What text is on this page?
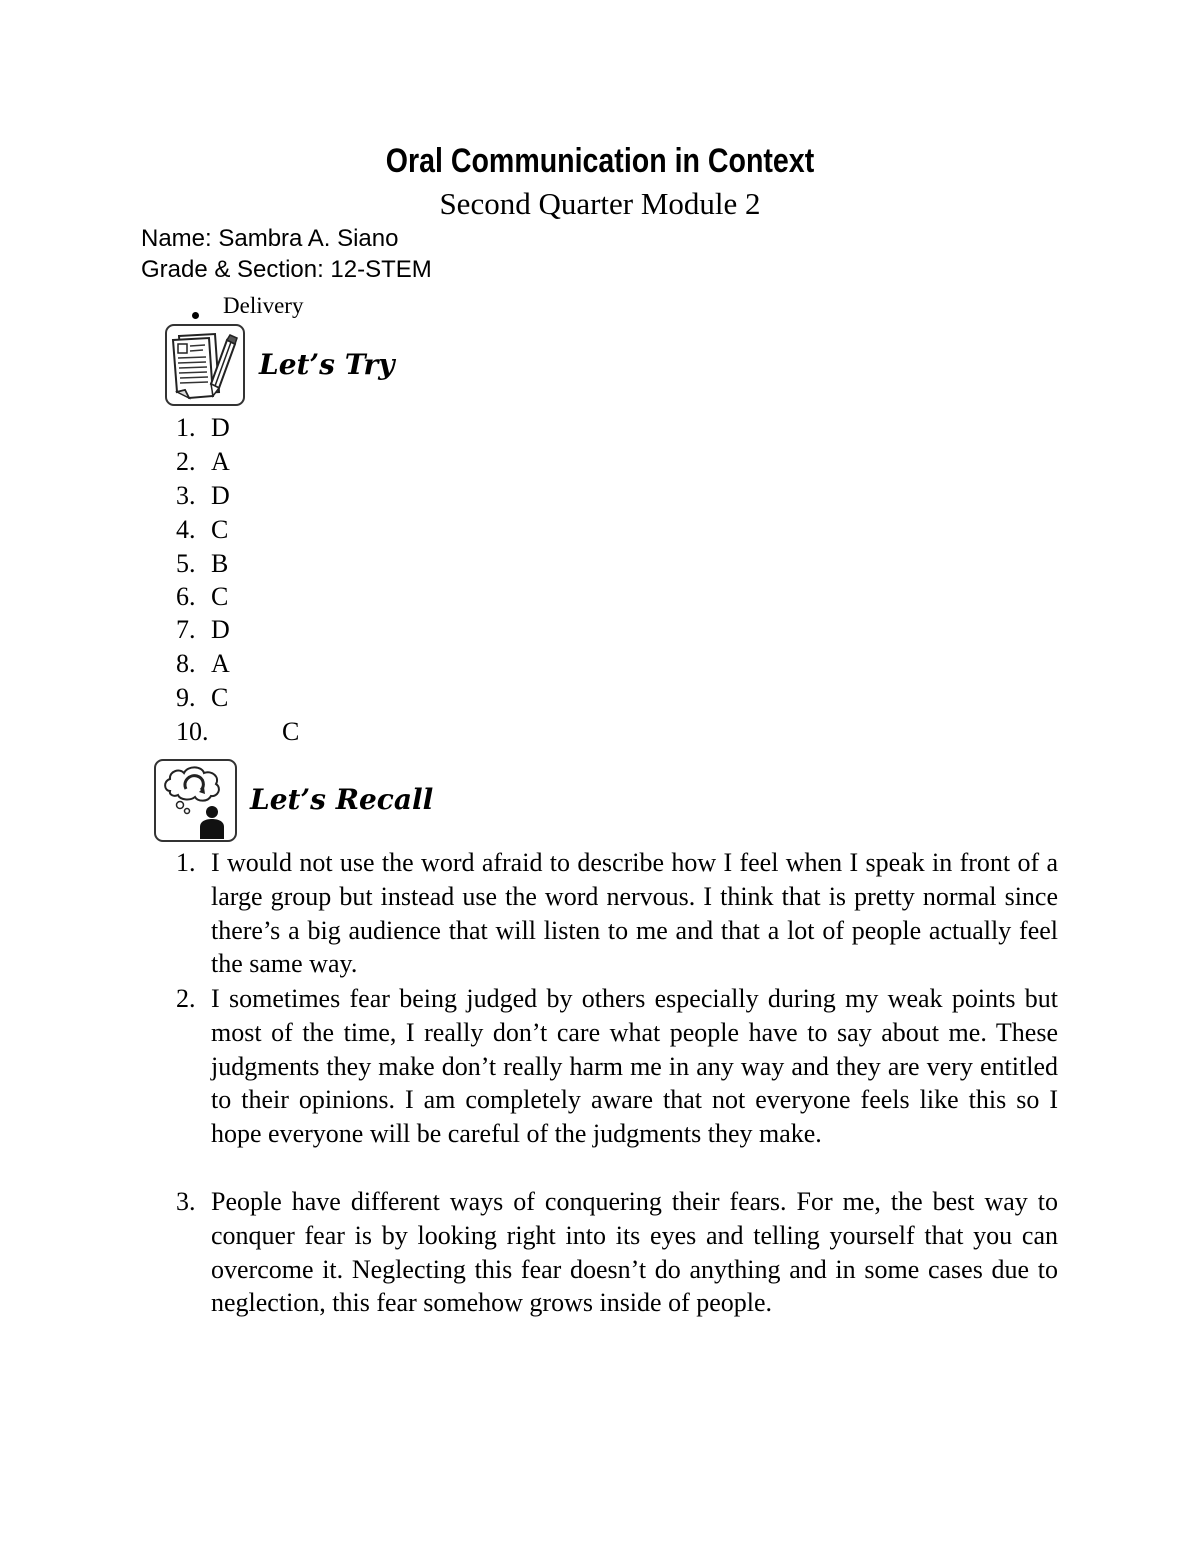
Oral Communication in Context
Second Quarter Module 2
Name: Sambra A. Siano
Grade & Section: 12-STEM
Delivery
Let’s Try
1. D
2. A
3. D
4. C
5. B
6. C
7. D
8. A
9. C
10.	C
Let’s Recall
1. I would not use the word afraid to describe how I feel when I speak in front of a large group but instead use the word nervous. I think that is pretty normal since there’s a big audience that will listen to me and that a lot of people actually feel the same way.
2. I sometimes fear being judged by others especially during my weak points but most of the time, I really don’t care what people have to say about me. These judgments they make don’t really harm me in any way and they are very entitled to their opinions. I am completely aware that not everyone feels like this so I hope everyone will be careful of the judgments they make.
3. People have different ways of conquering their fears. For me, the best way to conquer fear is by looking right into its eyes and telling yourself that you can overcome it. Neglecting this fear doesn’t do anything and in some cases due to neglection, this fear somehow grows inside of people.
